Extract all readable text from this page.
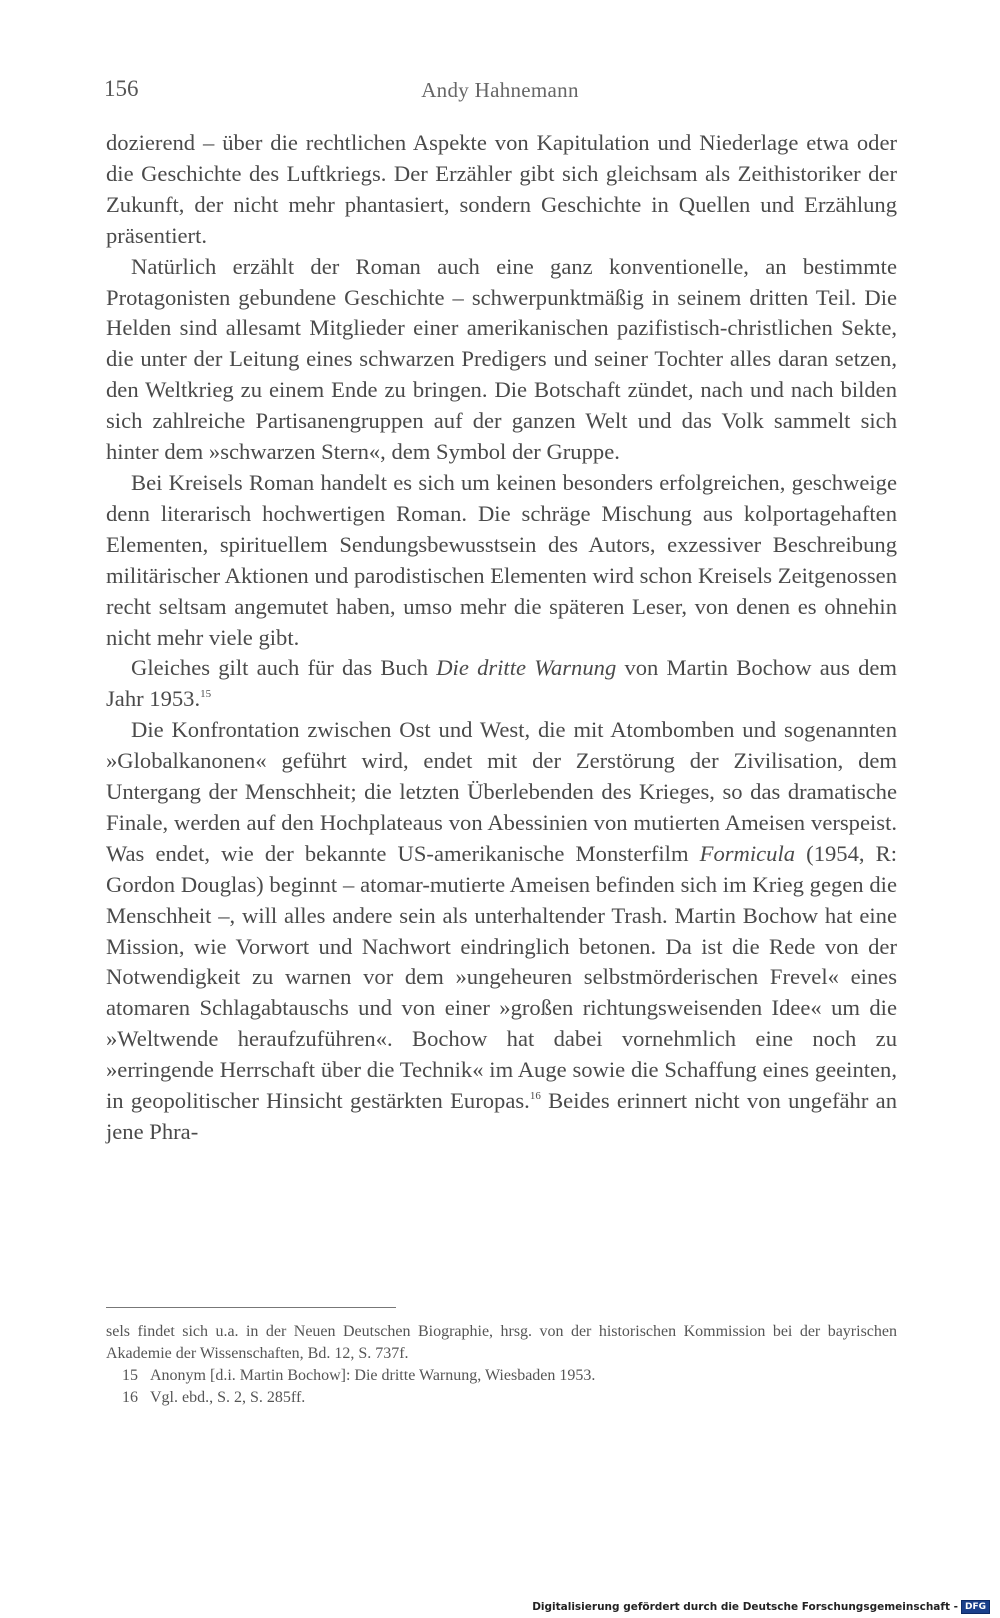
156	Andy Hahnemann

dozierend – über die rechtlichen Aspekte von Kapitulation und Niederlage etwa oder die Geschichte des Luftkriegs. Der Erzähler gibt sich gleichsam als Zeithistoriker der Zukunft, der nicht mehr phantasiert, sondern Geschichte in Quellen und Erzählung präsentiert.

Natürlich erzählt der Roman auch eine ganz konventionelle, an bestimmte Protagonisten gebundene Geschichte – schwerpunktmäßig in seinem dritten Teil. Die Helden sind allesamt Mitglieder einer amerikanischen pazifistisch-christlichen Sekte, die unter der Leitung eines schwarzen Predigers und seiner Tochter alles daran setzen, den Weltkrieg zu einem Ende zu bringen. Die Botschaft zündet, nach und nach bilden sich zahlreiche Partisanengruppen auf der ganzen Welt und das Volk sammelt sich hinter dem »schwarzen Stern«, dem Symbol der Gruppe.

Bei Kreisels Roman handelt es sich um keinen besonders erfolgreichen, geschweige denn literarisch hochwertigen Roman. Die schräge Mischung aus kolportagehaften Elementen, spirituellem Sendungsbewusstsein des Autors, exzessiver Beschreibung militärischer Aktionen und parodistischen Elementen wird schon Kreisels Zeitgenossen recht seltsam angemutet haben, umso mehr die späteren Leser, von denen es ohnehin nicht mehr viele gibt.

Gleiches gilt auch für das Buch Die dritte Warnung von Martin Bochow aus dem Jahr 1953.15

Die Konfrontation zwischen Ost und West, die mit Atombomben und sogenannten »Globalkanonen« geführt wird, endet mit der Zerstörung der Zivilisation, dem Untergang der Menschheit; die letzten Überlebenden des Krieges, so das dramatische Finale, werden auf den Hochplateaus von Abessinien von mutierten Ameisen verspeist. Was endet, wie der bekannte US-amerikanische Monsterfilm Formicula (1954, R: Gordon Douglas) beginnt – atomar-mutierte Ameisen befinden sich im Krieg gegen die Menschheit –, will alles andere sein als unterhaltender Trash. Martin Bochow hat eine Mission, wie Vorwort und Nachwort eindringlich betonen. Da ist die Rede von der Notwendigkeit zu warnen vor dem »ungeheuren selbstmörderischen Frevel« eines atomaren Schlagabtauschs und von einer »großen richtungsweisenden Idee« um die »Weltwende heraufzuführen«. Bochow hat dabei vornehmlich eine noch zu »erringende Herrschaft über die Technik« im Auge sowie die Schaffung eines geeinten, in geopolitischer Hinsicht gestärkten Europas.$^{16}$ Beides erinnert nicht von ungefähr an jene Phra-

sels findet sich u.a. in der Neuen Deutschen Biographie, hrsg. von der historischen Kommission bei der bayrischen Akademie der Wissenschaften, Bd. 12, S. 737f.

15 Anonym [d.i. Martin Bochow]: Die dritte Warnung, Wiesbaden 1953.

16 Vgl. ebd., S. 2, S. 285ff.

Digitalisierung gefördert durch die Deutsche Forschungsgemeinschaft - DFG
